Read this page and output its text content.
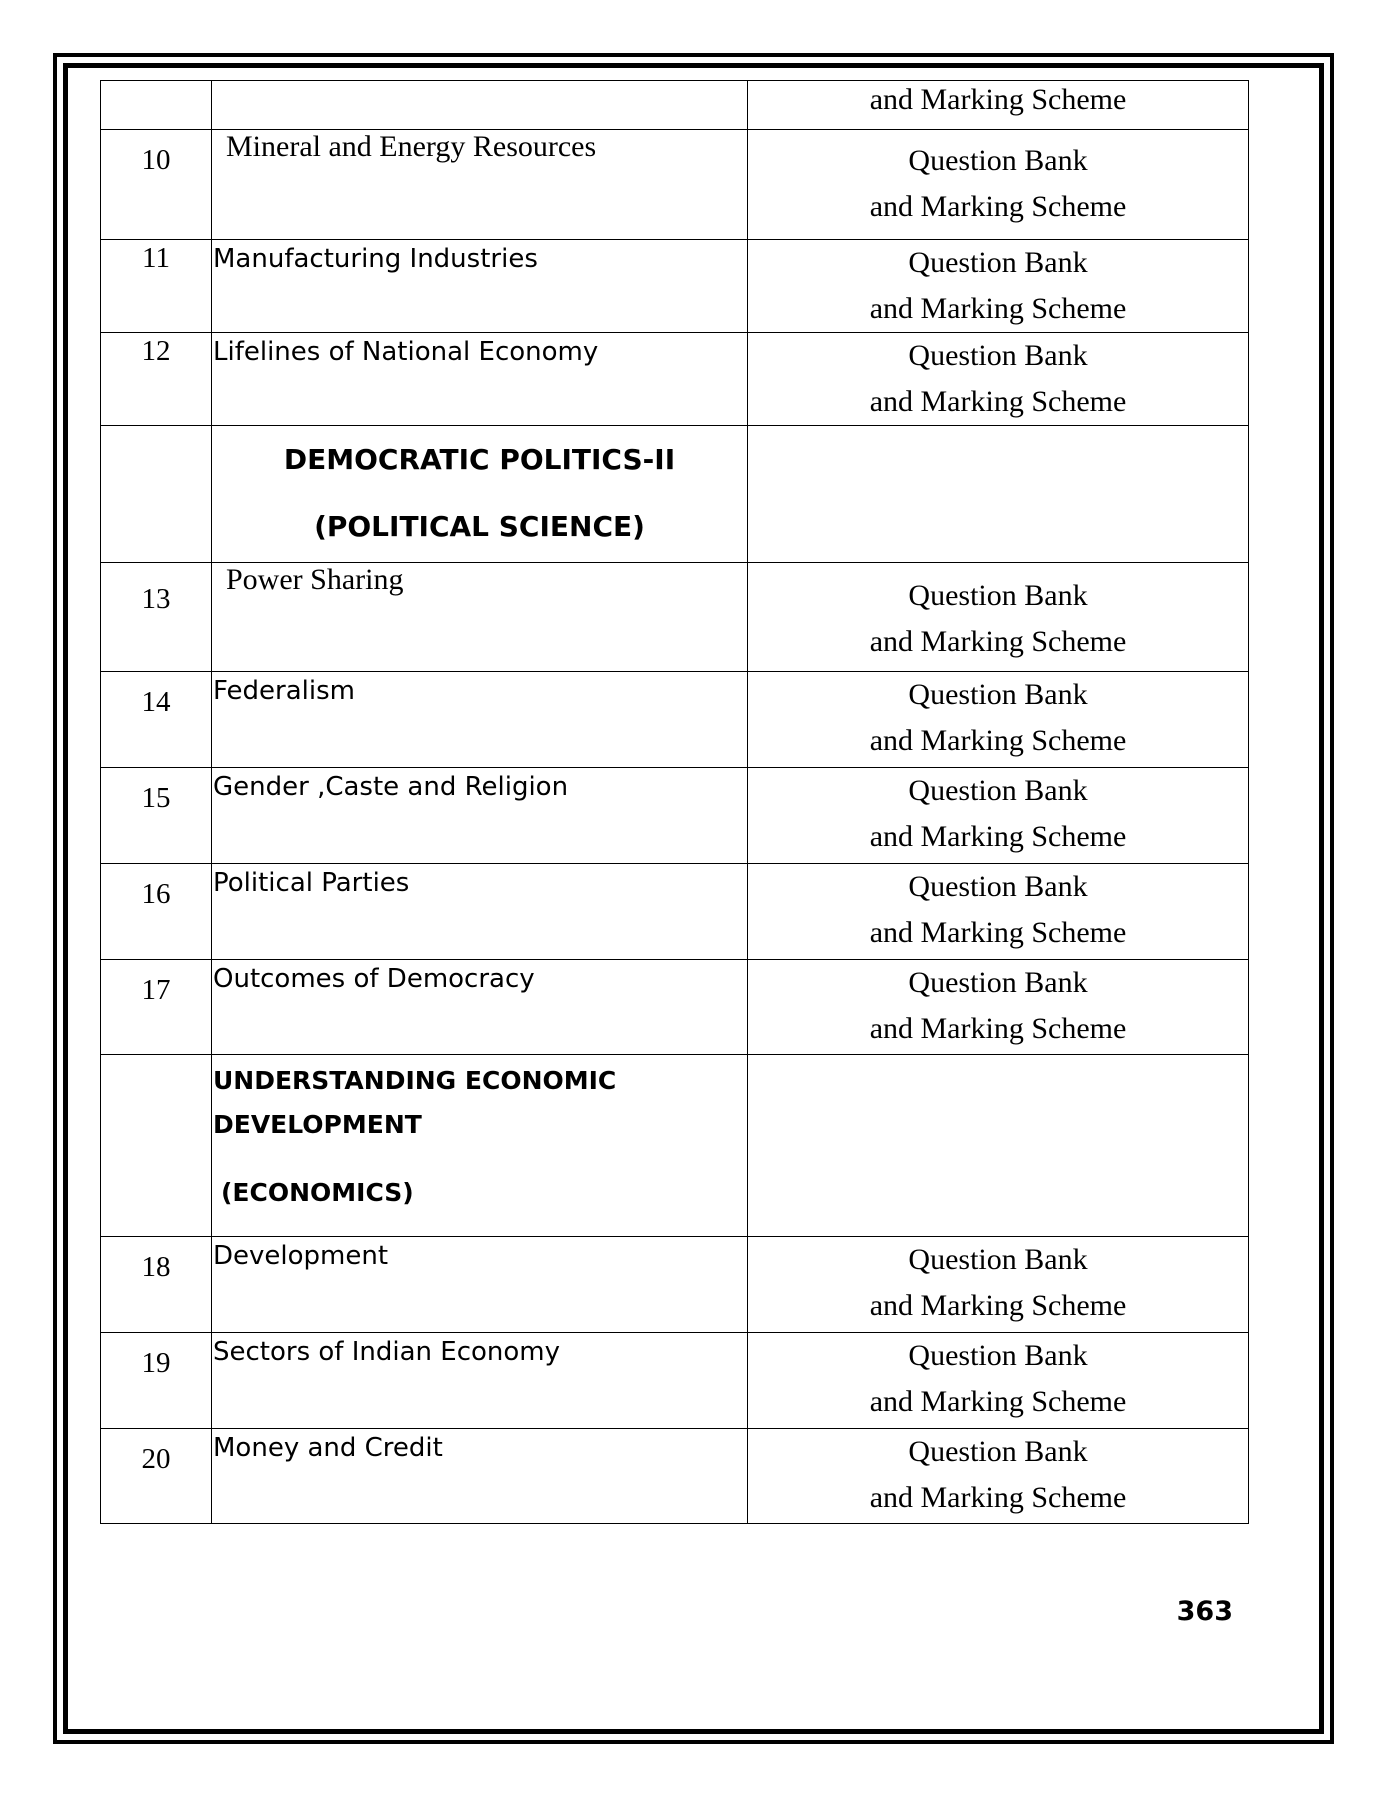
		and Marking Scheme

10	Mineral and Energy Resources	Question Bank
and Marking Scheme

11	Manufacturing Industries	Question Bank
and Marking Scheme

12	Lifelines of National Economy	Question Bank
and Marking Scheme

	DEMOCRATIC POLITICS-II
(POLITICAL SCIENCE)	

13	Power Sharing	Question Bank
and Marking Scheme

14	Federalism	Question Bank
and Marking Scheme

15	Gender ,Caste and Religion	Question Bank
and Marking Scheme

16	Political Parties	Question Bank
and Marking Scheme

17	Outcomes of Democracy	Question Bank
and Marking Scheme

	UNDERSTANDING ECONOMIC
DEVELOPMENT
(ECONOMICS)	

18	Development	Question Bank
and Marking Scheme

19	Sectors of Indian Economy	Question Bank
and Marking Scheme

20	Money and Credit	Question Bank
and Marking Scheme
363
